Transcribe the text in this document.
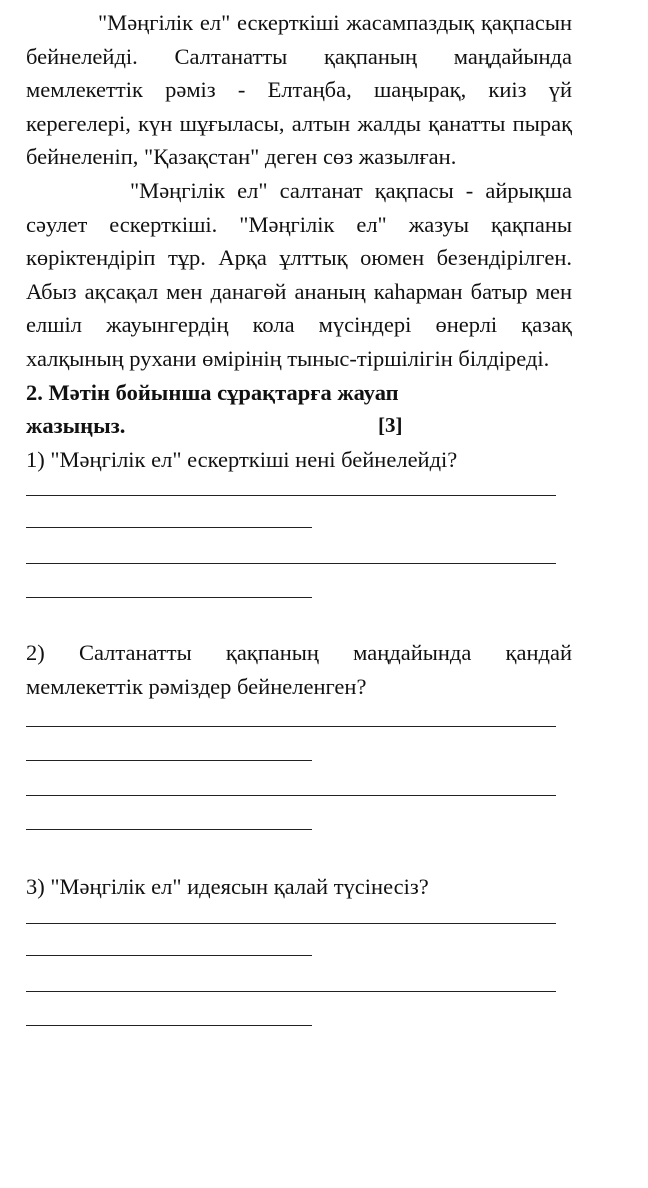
"Мәңгілік ел" ескерткіші жасампаздық қақпасын бейнелейді. Салтанатты қақпаның маңдайында мемлекеттік рәміз - Елтаңба, шаңырақ, киіз үй керегелері, күн шұғыласы, алтын жалды қанатты пырақ бейнеленіп, "Қазақстан" деген сөз жазылған.

"Мәңгілік ел" салтанат қақпасы - айрықша сәулет ескерткіші. "Мәңгілік ел" жазуы қақпаны көріктендіріп тұр. Арқа ұлттық оюмен безендірілген. Абыз ақсақал мен данагөй ананың каһарман батыр мен елшіл жауынгердің кола мүсіндері өнерлі қазақ халқының рухани өмірінің тыныс-тіршілігін білдіреді.

2. Мәтін бойынша сұрақтарға жауап
жазыңыз.	[3]

1) "Мәңгілік ел" ескерткіші нені бейнелейді?

2) Салтанатты қақпаның маңдайында қандай мемлекеттік рәміздер бейнеленген?

3) "Мәңгілік ел" идеясын қалай түсінесіз?
